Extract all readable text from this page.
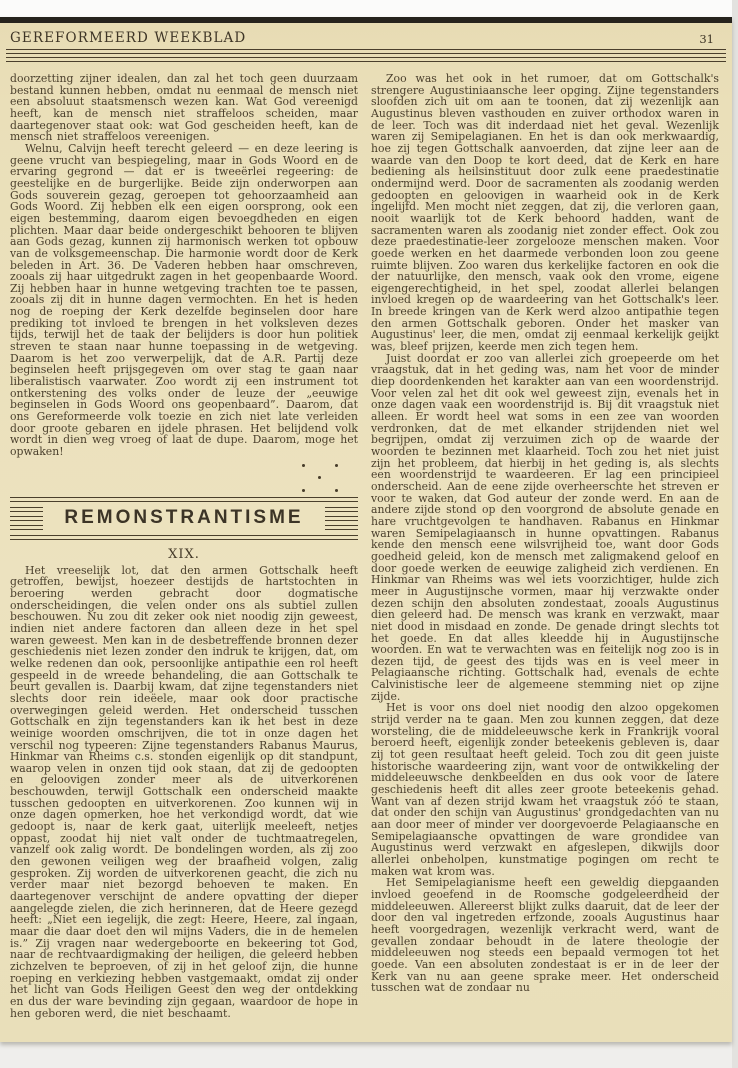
GEREFORMEERD WEEKBLAD	31

doorzetting zijner idealen, dan zal het toch geen duurzaam bestand kunnen hebben, omdat nu eenmaal de mensch niet een absoluut staatsmensch wezen kan. Wat God vereenigd heeft, kan de mensch niet straffeloos scheiden, maar daartegenover staat ook: wat God gescheiden heeft, kan de mensch niet straffeloos vereenigen.

Welnu, Calvijn heeft terecht geleerd — en deze leering is geene vrucht van bespiegeling, maar in Gods Woord en de ervaring gegrond — dat er is tweeërlei regeering: de geestelijke en de burgerlijke. Beide zijn onderworpen aan Gods souverein gezag, geroepen tot gehoorzaamheid aan Gods Woord. Zij hebben elk een eigen oorsprong, ook een eigen bestemming, daarom eigen bevoegdheden en eigen plichten. Maar daar beide ondergeschikt behooren te blijven aan Gods gezag, kunnen zij harmonisch werken tot opbouw van de volksgemeenschap. Die harmonie wordt door de Kerk beleden in Art. 36. De Vaderen hebben haar omschreven, zooals zij haar uitgedrukt zagen in het geopenbaarde Woord. Zij hebben haar in hunne wetgeving trachten toe te passen, zooals zij dit in hunne dagen vermochten. En het is heden nog de roeping der Kerk dezelfde beginselen door hare prediking tot invloed te brengen in het volksleven dezes tijds, terwijl het de taak der belijders is door hun politiek streven te staan naar hunne toepassing in de wetgeving. Daarom is het zoo verwerpelijk, dat de A.R. Partij deze beginselen heeft prijsgegeven om over stag te gaan naar liberalistisch vaarwater. Zoo wordt zij een instrument tot ontkerstening des volks onder de leuze der „eeuwige beginselen in Gods Woord ons geopenbaard”. Daarom, dat ons Gereformeerde volk toezie en zich niet late verleiden door groote gebaren en ijdele phrasen. Het belijdend volk wordt in dien weg vroeg of laat de dupe. Daarom, moge het opwaken!

REMONSTRANTISME
XIX.

Het vreeselijk lot, dat den armen Gottschalk heeft getroffen, bewijst, hoezeer destijds de hartstochten in beroering werden gebracht door dogmatische onderscheidingen, die velen onder ons als subtiel zullen beschouwen. Nu zou dit zeker ook niet noodig zijn geweest, indien niet andere factoren dan alleen deze in het spel waren geweest. Men kan in de desbetreffende bronnen dezer geschiedenis niet lezen zonder den indruk te krijgen, dat, om welke redenen dan ook, persoonlijke antipathie een rol heeft gespeeld in de wreede behandeling, die aan Gottschalk te beurt gevallen is. Daarbij kwam, dat zijne tegenstanders niet slechts door rein ideëele, maar ook door practische overwegingen geleid werden. Het onderscheid tusschen Gottschalk en zijn tegenstanders kan ik het best in deze weinige woorden omschrijven, die tot in onze dagen het verschil nog typeeren: Zijne tegenstanders Rabanus Maurus, Hinkmar van Rheims c.s. stonden eigenlijk op dit standpunt, waarop velen in onzen tijd ook staan, dat zij de gedoopten en geloovigen zonder meer als de uitverkorenen beschouwden, terwijl Gottschalk een onderscheid maakte tusschen gedoopten en uitverkorenen. Zoo kunnen wij in onze dagen opmerken, hoe het verkondigd wordt, dat wie gedoopt is, naar de kerk gaat, uiterlijk meeleeft, netjes oppast, zoodat hij niet valt onder de tuchtmaatregelen, vanzelf ook zalig wordt. De bondelingen worden, als zij zoo den gewonen veiligen weg der braafheid volgen, zalig gesproken. Zij worden de uitverkorenen geacht, die zich nu verder maar niet bezorgd behoeven te maken. En daartegenover verschijnt de andere opvatting der dieper aangelegde zielen, die zich herinneren, dat de Heere gezegd heeft: „Niet een iegelijk, die zegt: Heere, Heere, zal ingaan, maar die daar doet den wil mijns Vaders, die in de hemelen is.” Zij vragen naar wedergeboorte en bekeering tot God, naar de rechtvaardigmaking der heiligen, die geleerd hebben zichzelven te beproeven, of zij in het geloof zijn, die hunne roeping en verkiezing hebben vastgemaakt, omdat zij onder het licht van Gods Heiligen Geest den weg der ontdekking en dus der ware bevinding zijn gegaan, waardoor de hope in hen geboren werd, die niet beschaamt.

Zoo was het ook in het rumoer, dat om Gottschalk's strengere Augustiniaansche leer opging. Zijne tegenstanders sloofden zich uit om aan te toonen, dat zij wezenlijk aan Augustinus bleven vasthouden en zuiver orthodox waren in de leer. Toch was dit inderdaad niet het geval. Wezenlijk waren zij Semipelagianen. En het is dan ook merkwaardig, hoe zij tegen Gottschalk aanvoerden, dat zijne leer aan de waarde van den Doop te kort deed, dat de Kerk en hare bediening als heilsinstituut door zulk eene praedestinatie ondermijnd werd. Door de sacramenten als zoodanig werden gedoopten en geloovigen in waarheid ook in de Kerk ingelijfd. Men mocht niet zeggen, dat zij, die verloren gaan, nooit waarlijk tot de Kerk behoord hadden, want de sacramenten waren als zoodanig niet zonder effect. Ook zou deze praedestinatie-leer zorgelooze menschen maken. Voor goede werken en het daarmede verbonden loon zou geene ruimte blijven. Zoo waren dus kerkelijke factoren en ook die der natuurlijke, den mensch, vaak ook den vrome, eigene eigengerechtigheid, in het spel, zoodat allerlei belangen invloed kregen op de waardeering van het Gottschalk's leer. In breede kringen van de Kerk werd alzoo antipathie tegen den armen Gottschalk geboren. Onder het masker van Augustinus' leer, die men, omdat zij eenmaal kerkelijk geijkt was, bleef prijzen, keerde men zich tegen hem.

Juist doordat er zoo van allerlei zich groepeerde om het vraagstuk, dat in het geding was, nam het voor de minder diep doordenkenden het karakter aan van een woordenstrijd. Voor velen zal het dit ook wel geweest zijn, evenals het in onze dagen vaak een woordenstrijd is. Bij dit vraagstuk niet alleen. Er wordt heel wat soms in een zee van woorden verdronken, dat de met elkander strijdenden niet wel begrijpen, omdat zij verzuimen zich op de waarde der woorden te bezinnen met klaarheid. Toch zou het niet juist zijn het probleem, dat hierbij in het geding is, als slechts een woordenstrijd te waardeeren. Er lag een principieel onderscheid. Aan de eene zijde overheerschte het streven er voor te waken, dat God auteur der zonde werd. En aan de andere zijde stond op den voorgrond de absolute genade en hare vruchtgevolgen te handhaven. Rabanus en Hinkmar waren Semipelagiaansch in hunne opvattingen. Rabanus kende den mensch eene wilsvrijheid toe, want door Gods goedheid geleid, kon de mensch met zaligmakend geloof en door goede werken de eeuwige zaligheid zich verdienen. En Hinkmar van Rheims was wel iets voorzichtiger, hulde zich meer in Augustijnsche vormen, maar hij verzwakte onder dezen schijn den absoluten zondestaat, zooals Augustinus dien geleerd had. De mensch was krank en verzwakt, maar niet dood in misdaad en zonde. De genade dringt slechts tot het goede. En dat alles kleedde hij in Augustijnsche woorden. En wat te verwachten was en feitelijk nog zoo is in dezen tijd, de geest des tijds was en is veel meer in Pelagiaansche richting. Gottschalk had, evenals de echte Calvinistische leer de algemeene stemming niet op zijne zijde.

Het is voor ons doel niet noodig den alzoo opgekomen strijd verder na te gaan. Men zou kunnen zeggen, dat deze worsteling, die de middeleeuwsche kerk in Frankrijk vooral beroerd heeft, eigenlijk zonder beteekenis gebleven is, daar zij tot geen resultaat heeft geleid. Toch zou dit geen juiste historische waardeering zijn, want voor de ontwikkeling der middeleeuwsche denkbeelden en dus ook voor de latere geschiedenis heeft dit alles zeer groote beteekenis gehad. Want van af dezen strijd kwam het vraagstuk zóó te staan, dat onder den schijn van Augustinus' grondgedachten van nu aan door meer of minder ver doorgevoerde Pelagiaansche en Semipelagiaansche opvattingen de ware grondidee van Augustinus werd verzwakt en afgeslepen, dikwijls door allerlei onbeholpen, kunstmatige pogingen om recht te maken wat krom was.

Het Semipelagianisme heeft een geweldig diepgaanden invloed geoefend in de Roomsche godgeleerdheid der middeleeuwen. Allereerst blijkt zulks daaruit, dat de leer der door den val ingetreden erfzonde, zooals Augustinus haar heeft voorgedragen, wezenlijk verkracht werd, want de gevallen zondaar behoudt in de latere theologie der middeleeuwen nog steeds een bepaald vermogen tot het goede. Van een absoluten zondestaat is er in de leer der Kerk van nu aan geene sprake meer. Het onderscheid tusschen wat de zondaar nu
